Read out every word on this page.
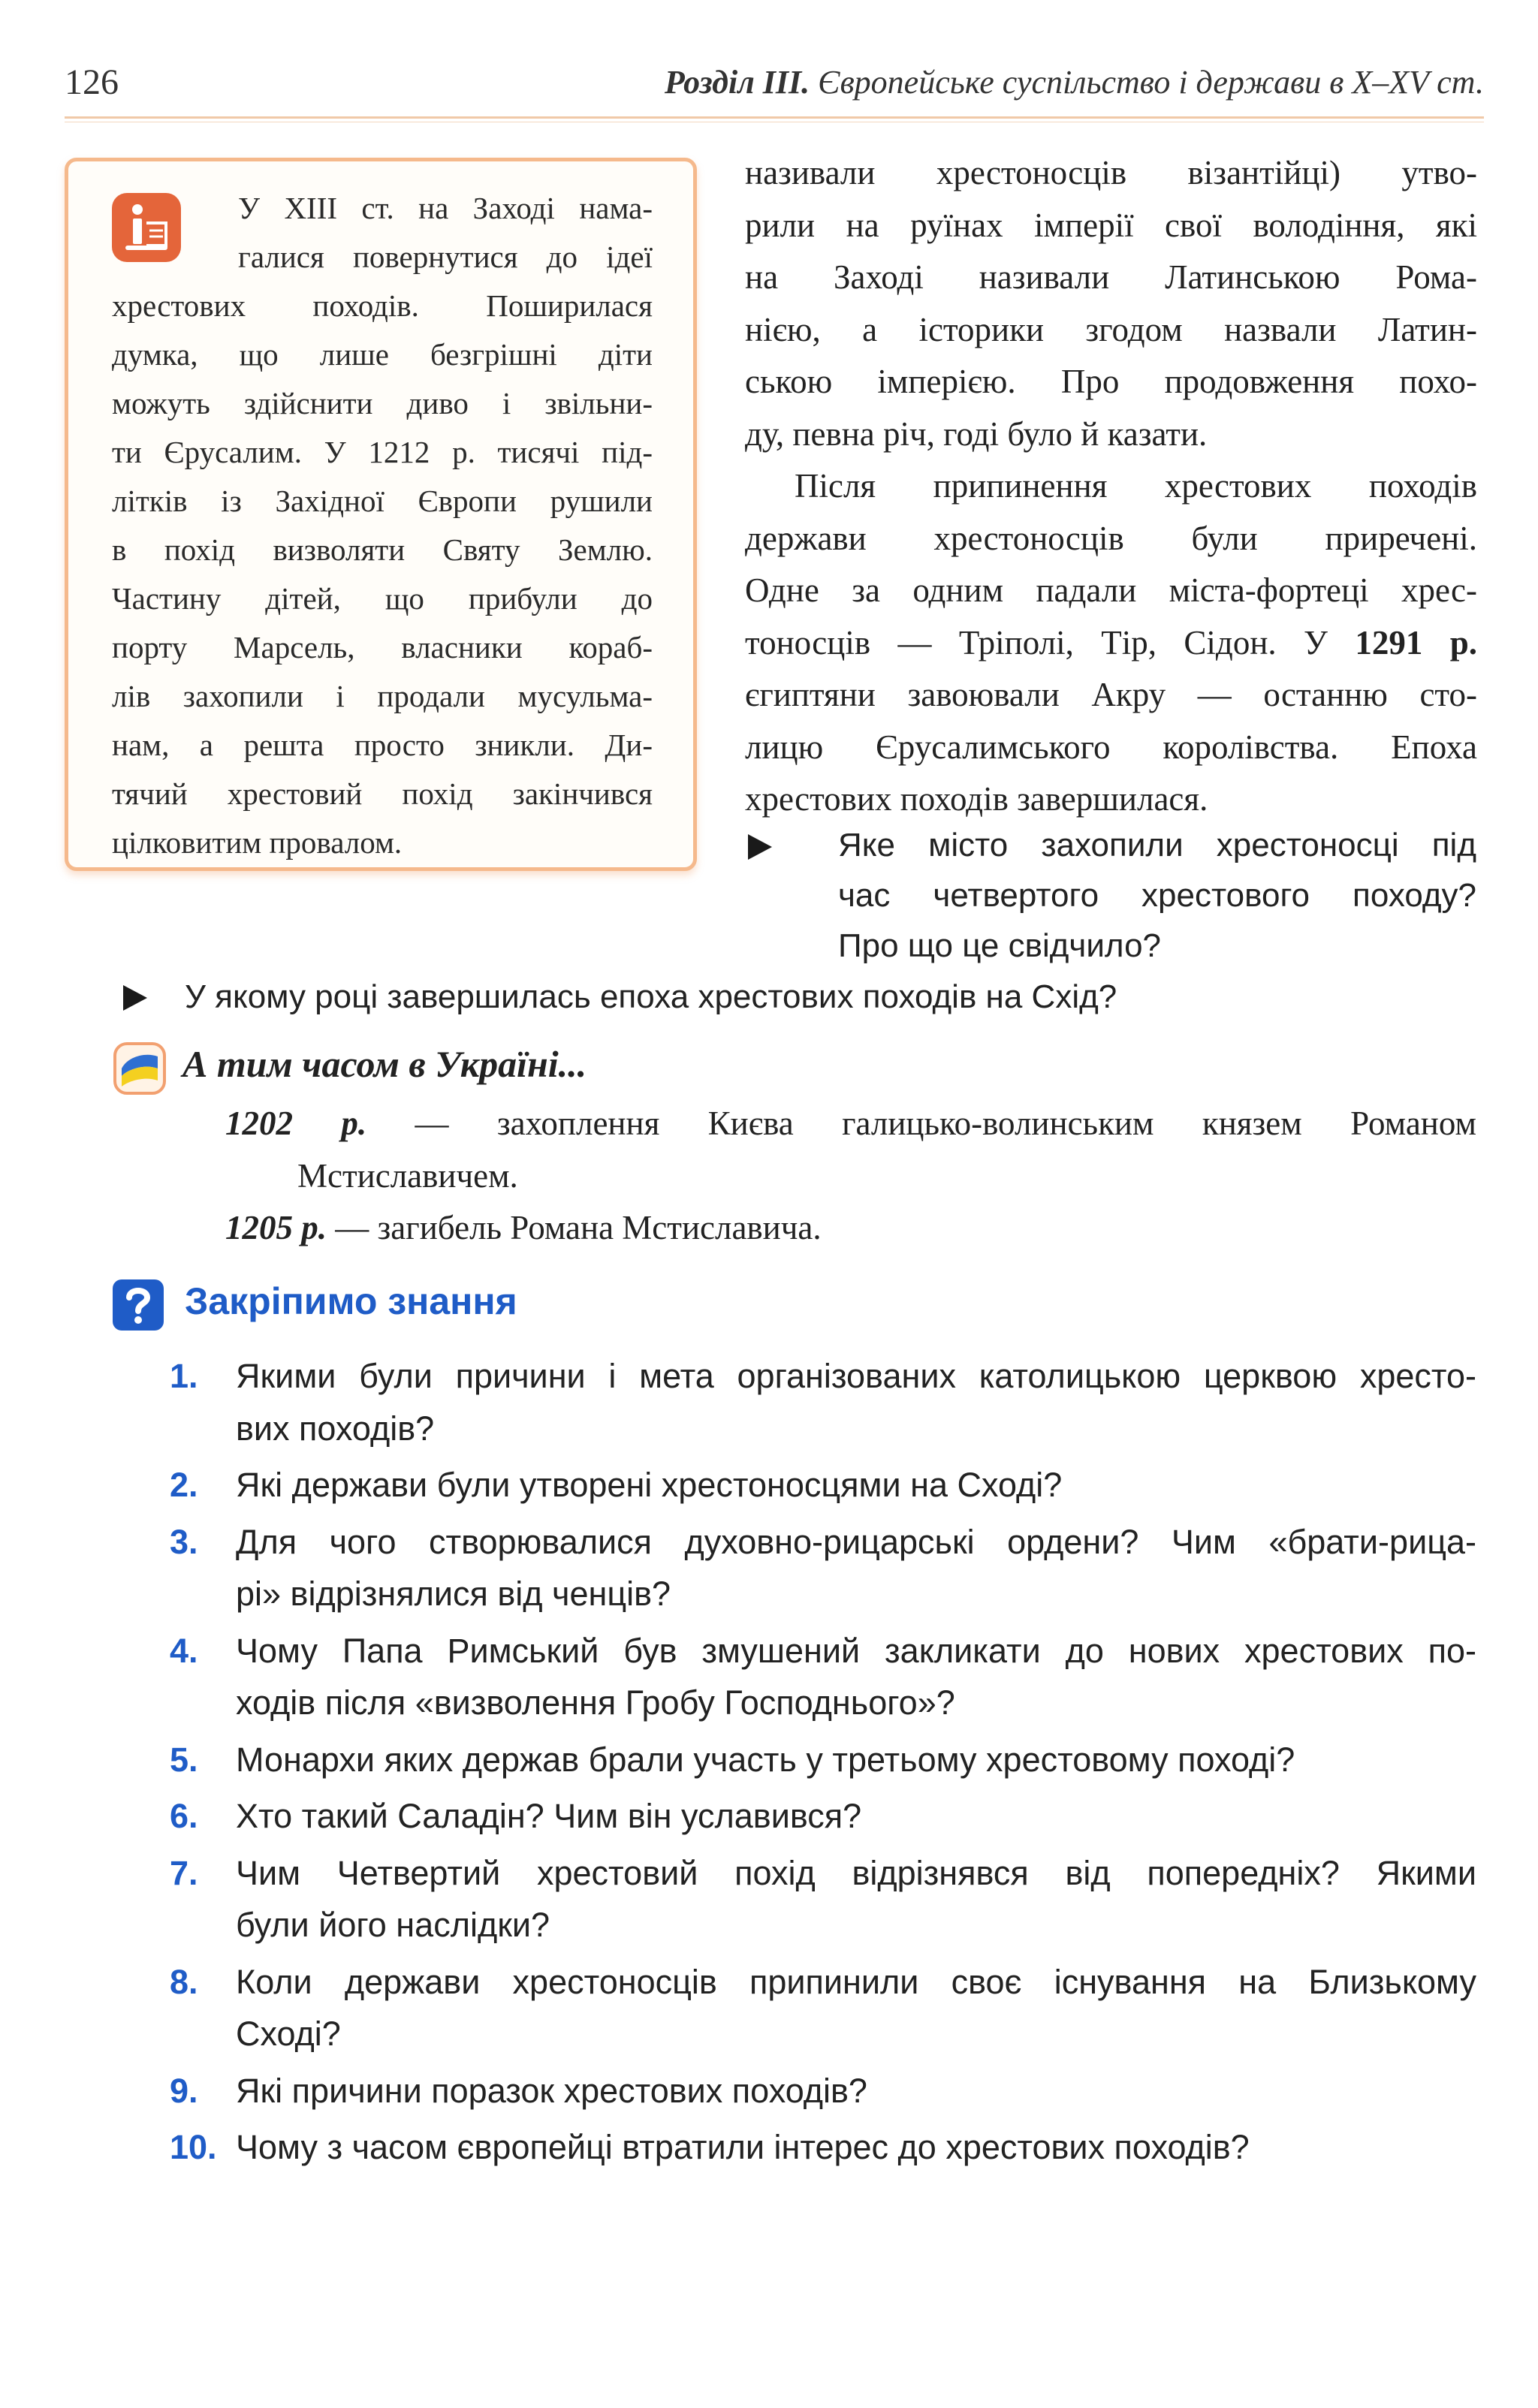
126	Розділ ІІІ. Європейське суспільство і держави в X–XV ст.
У ХІІІ ст. на Заході нама-
галися повернутися до ідеї
хрестових походів. Поширилася
думка, що лише безгрішні діти
можуть здійснити диво і звільни-
ти Єрусалим. У 1212 р. тисячі під-
літків із Західної Європи рушили
в похід визволяти Святу Землю.
Частину дітей, що прибули до
порту Марсель, власники кораб-
лів захопили і продали мусульма-
нам, а решта просто зникли. Ди-
тячий хрестовий похід закінчився
цілковитим провалом.
називали хрестоносців візантійці) утво-
рили на руїнах імперії свої володіння, які
на Заході називали Латинською Рома-
нією, а історики згодом назвали Латин-
ською імперією. Про продовження похо-
ду, певна річ, годі було й казати.
Після припинення хрестових походів
держави хрестоносців були приречені.
Одне за одним падали міста-фортеці хрес-
тоносців — Тріполі, Тір, Сідон. У 1291 р.
єгиптяни завоювали Акру — останню сто-
лицю Єрусалимського королівства. Епоха
хрестових походів завершилася.
Яке місто захопили хрестоносці під
час четвертого хрестового походу?
Про що це свідчило?
У якому році завершилась епоха хрестових походів на Схід?
А тим часом в Україні...
1202 р. — захоплення Києва галицько-волинським князем Романом
Мстиславичем.
1205 р. — загибель Романа Мстиславича.
Закріпимо знання
1. Якими були причини і мета організованих католицькою церквою хресто-
вих походів?
2. Які держави були утворені хрестоносцями на Сході?
3. Для чого створювалися духовно-рицарські ордени? Чим «брати-рица-
рі» відрізнялися від ченців?
4. Чому Папа Римський був змушений закликати до нових хрестових по-
ходів після «визволення Гробу Господнього»?
5. Монархи яких держав брали участь у третьому хрестовому поході?
6. Хто такий Саладін? Чим він уславився?
7. Чим Четвертий хрестовий похід відрізнявся від попередніх? Якими
були його наслідки?
8. Коли держави хрестоносців припинили своє існування на Близькому
Сході?
9. Які причини поразок хрестових походів?
10. Чому з часом європейці втратили інтерес до хрестових походів?
